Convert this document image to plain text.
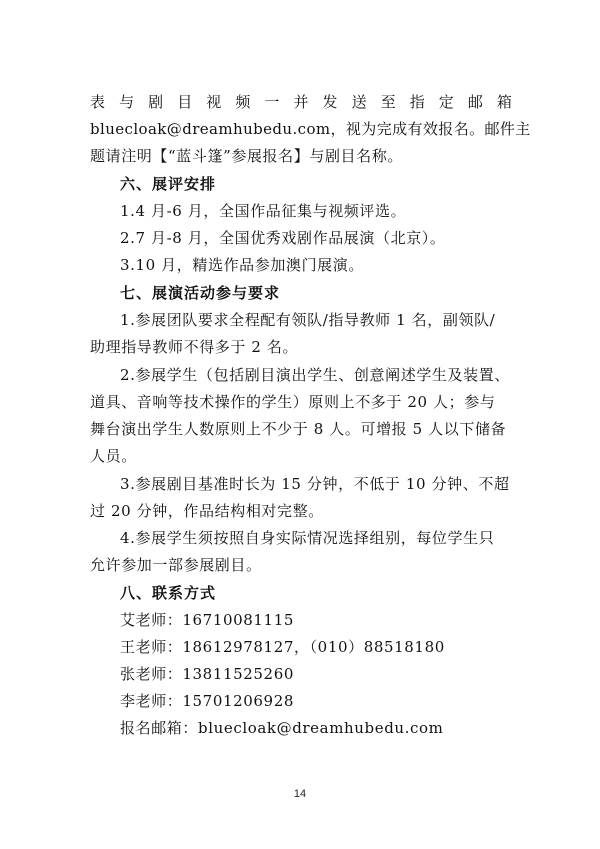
表 与 剧 目 视 频 一 并 发 送 至 指 定 邮 箱
bluecloak@dreamhubedu.com，视为完成有效报名。邮件主
题请注明【“蓝斗篷”参展报名】与剧目名称。
六、展评安排
1.4 月-6 月，全国作品征集与视频评选。
2.7 月-8 月，全国优秀戏剧作品展演（北京）。
3.10 月，精选作品参加澳门展演。
七、展演活动参与要求
1.参展团队要求全程配有领队/指导教师 1 名，副领队/
助理指导教师不得多于 2 名。
2.参展学生（包括剧目演出学生、创意阐述学生及装置、
道具、音响等技术操作的学生）原则上不多于 20 人；参与
舞台演出学生人数原则上不少于 8 人。可增报 5 人以下储备
人员。
3.参展剧目基准时长为 15 分钟，不低于 10 分钟、不超
过 20 分钟，作品结构相对完整。
4.参展学生须按照自身实际情况选择组别，每位学生只
允许参加一部参展剧目。
八、联系方式
艾老师：16710081115
王老师：18612978127，（010）88518180
张老师：13811525260
李老师：15701206928
报名邮箱：bluecloak@dreamhubedu.com
14
